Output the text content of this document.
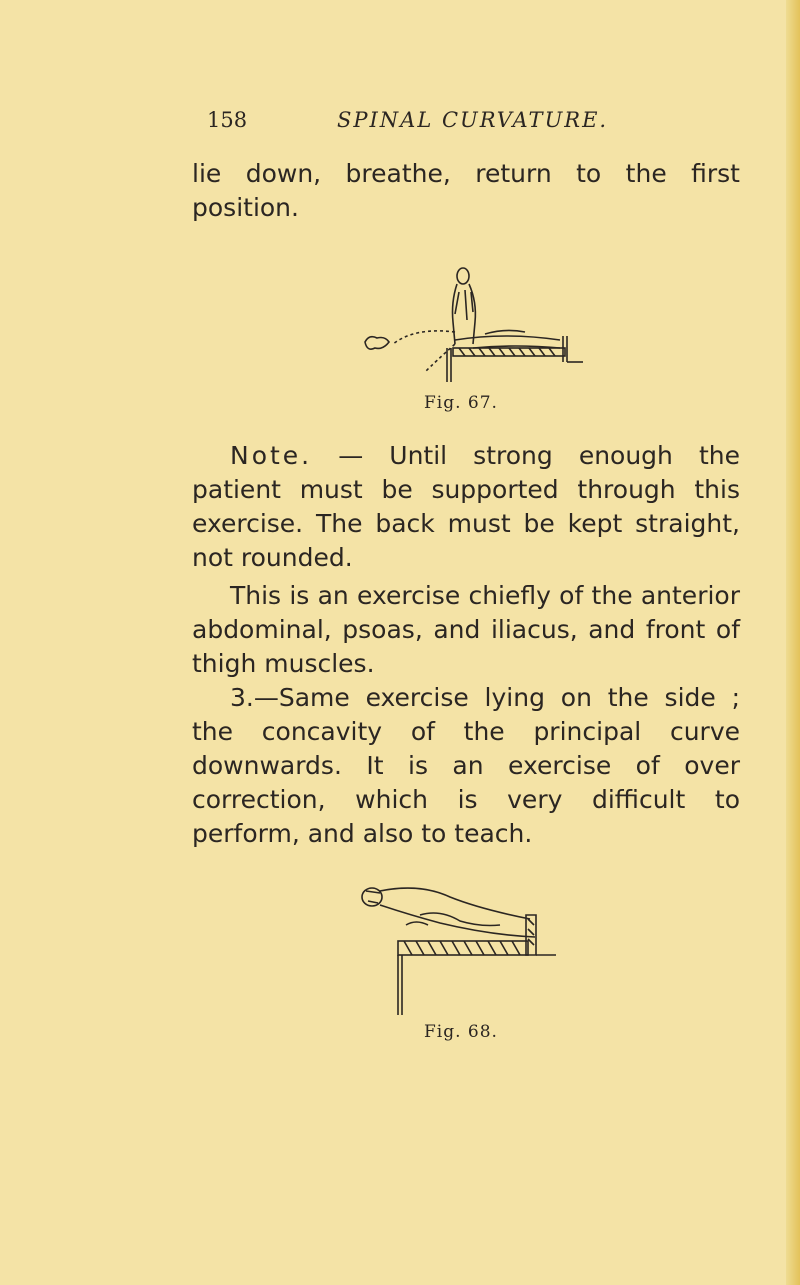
158	SPINAL CURVATURE.

lie down, breathe, return to the first position.

Fig. 67.

Note. — Until strong enough the patient must be supported through this exercise. The back must be kept straight, not rounded.

This is an exercise chiefly of the anterior abdominal, psoas, and iliacus, and front of thigh muscles.

3.—Same exercise lying on the side ; the concavity of the principal curve downwards. It is an exercise of over correction, which is very difficult to perform, and also to teach.

Fig. 68.
